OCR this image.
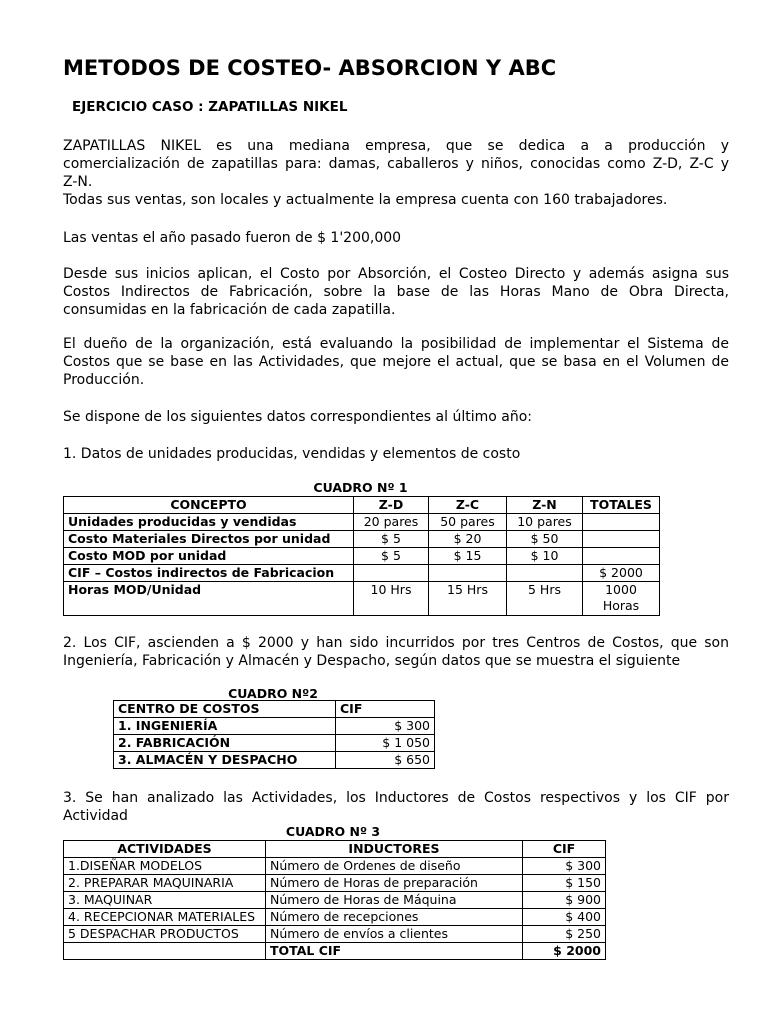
METODOS DE COSTEO- ABSORCION Y ABC
EJERCICIO CASO : ZAPATILLAS NIKEL

ZAPATILLAS NIKEL es una mediana empresa, que se dedica a a producción y

comercialización de zapatillas para: damas, caballeros y niños, conocidas como Z-D, Z-C y

Z-N.

Todas sus ventas, son locales y actualmente la empresa cuenta con 160 trabajadores.

Las ventas el año pasado fueron de $ 1'200,000
Desde sus inicios aplican, el Costo por Absorción, el Costeo Directo y además asigna sus Costos Indirectos de Fabricación, sobre la base de las Horas Mano de Obra Directa, consumidas en la fabricación de cada zapatilla.
El dueño de la organización, está evaluando la posibilidad de implementar el Sistema de Costos que se base en las Actividades, que mejore el actual, que se basa en el Volumen de Producción.
Se dispone de los siguientes datos correspondientes al último año:
1. Datos de unidades producidas, vendidas y elementos de costo
CUADRO Nº 1
CONCEPTO	Z-D	Z-C	Z-N	TOTALES
Unidades producidas y vendidas	20 pares	50 pares	10 pares	
Costo Materiales Directos por unidad	$ 5	$ 20	$ 50	
Costo MOD por unidad	$ 5	$ 15	$ 10	
CIF – Costos indirectos de Fabricacion				$ 2000
Horas MOD/Unidad	10 Hrs	15 Hrs	5 Hrs	1000 Horas
2. Los CIF, ascienden a $ 2000 y han sido incurridos por tres Centros de Costos, que son Ingeniería, Fabricación y Almacén y Despacho, según datos que se muestra el siguiente
CUADRO Nº2
CENTRO DE COSTOS	CIF
1. INGENIERÍA	$ 300
2. FABRICACIÓN	$ 1 050
3. ALMACÉN Y DESPACHO	$ 650
3. Se han analizado las Actividades, los Inductores de Costos respectivos y los CIF por Actividad
CUADRO Nº 3
ACTIVIDADES	INDUCTORES	CIF
1.DISEÑAR MODELOS	Número de Ordenes de diseño	$ 300
2. PREPARAR MAQUINARIA	Número de Horas de preparación	$ 150
3. MAQUINAR	Número de Horas de Máquina	$ 900
4. RECEPCIONAR MATERIALES	Número de recepciones	$ 400
5 DESPACHAR PRODUCTOS	Número de envíos a clientes	$ 250
	TOTAL CIF	$ 2000
